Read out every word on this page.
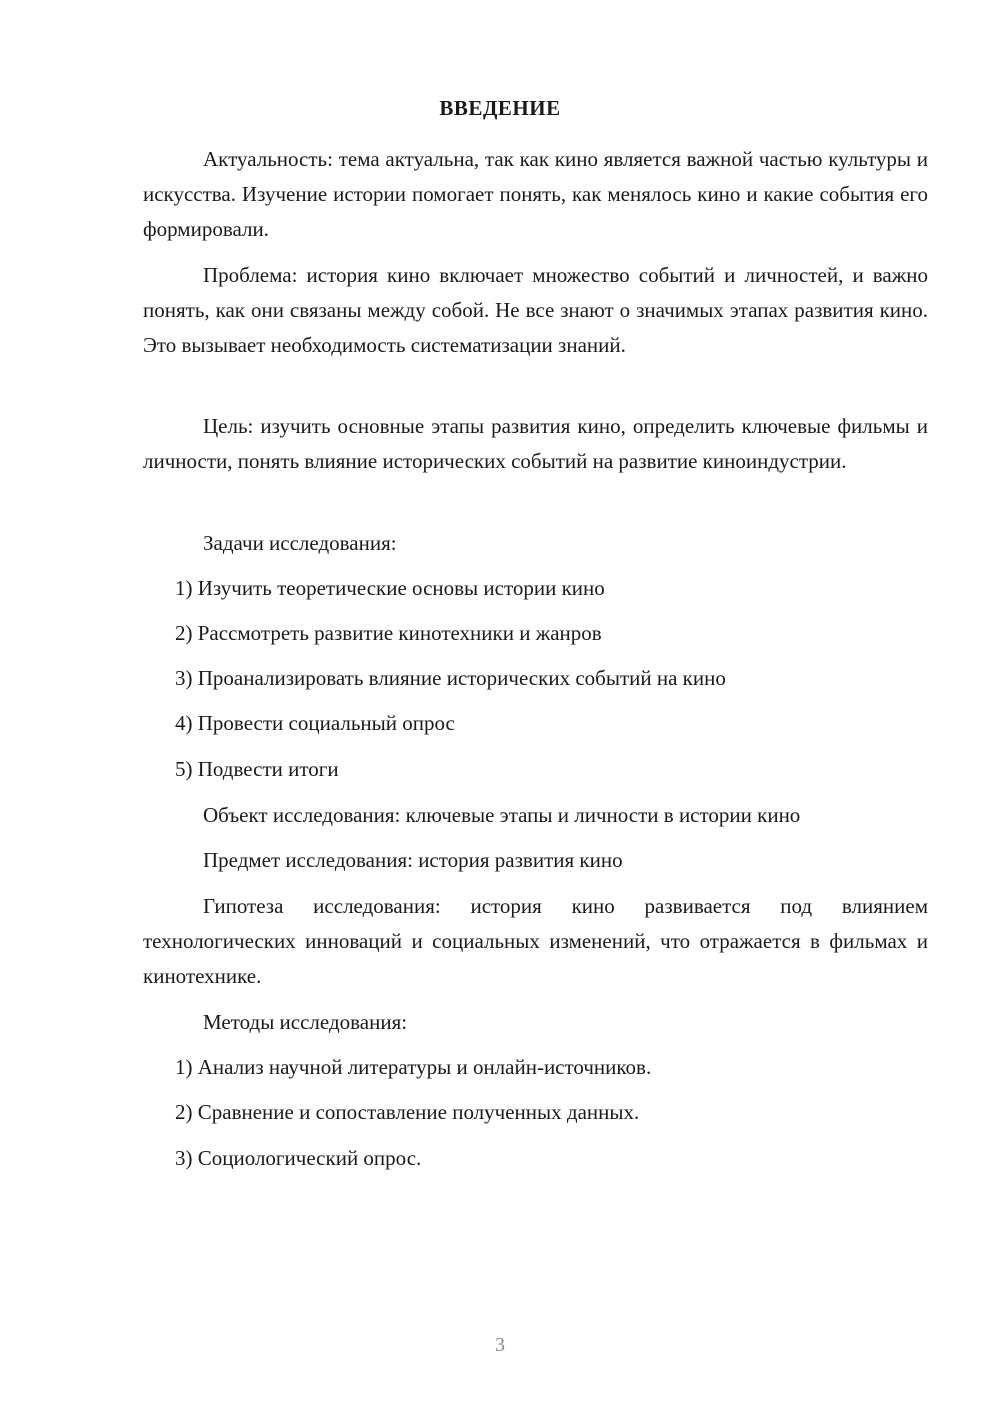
ВВЕДЕНИЕ

Актуальность: тема актуальна, так как кино является важной частью культуры и искусства. Изучение истории помогает понять, как менялось кино и какие события его формировали.

Проблема: история кино включает множество событий и личностей, и важно понять, как они связаны между собой. Не все знают о значимых этапах развития кино. Это вызывает необходимость систематизации знаний.

Цель: изучить основные этапы развития кино, определить ключевые фильмы и личности, понять влияние исторических событий на развитие киноиндустрии.

Задачи исследования:

1) Изучить теоретические основы истории кино

2) Рассмотреть развитие кинотехники и жанров

3) Проанализировать влияние исторических событий на кино

4) Провести социальный опрос

5) Подвести итоги

Объект исследования: ключевые этапы и личности в истории кино

Предмет исследования: история развития кино

Гипотеза исследования: история кино развивается под влиянием технологических инноваций и социальных изменений, что отражается в фильмах и кинотехнике.

Методы исследования:

1) Анализ научной литературы и онлайн-источников.

2) Сравнение и сопоставление полученных данных.

3) Социологический опрос.

3
